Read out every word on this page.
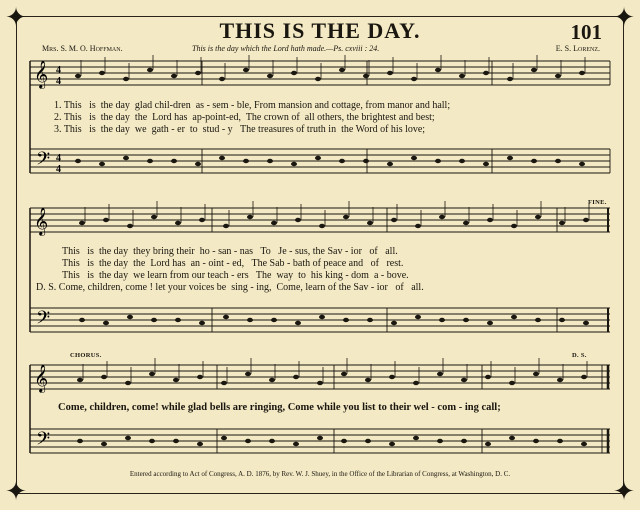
✦	✦
✦	✦
THIS IS THE DAY.	101
Mrs. S. M. O. Hoffman.	This is the day which the Lord hath made.—Ps. cxviii : 24.	E. S. Lorenz.
𝄞
𝄢
4
4
4
4
1. This   is  the day  glad chil-dren  as - sem - ble, From mansion and cottage, from manor and hall;
2. This   is  the day  the  Lord has  ap-point-ed,  The crown of  all others, the brightest and best;
3. This   is  the day  we  gath - er  to  stud - y   The treasures of truth in  the Word of his love;
FINE.
𝄞
𝄢
This   is  the day  they bring their  ho - san - nas   To   Je - sus, the Sav - ior   of   all.
This   is  the day  the  Lord has  an - oint - ed,   The Sab - bath of peace and   of   rest.
This   is  the day  we learn from our teach - ers   The  way  to  his king - dom  a - bove.
D. S. Come, children, come ! let your voices be  sing - ing,  Come, learn of the Sav - ior   of   all.
CHORUS.	D. S.
𝄞
𝄢
Come, children, come! while glad bells are ringing, Come while you list to their wel - com - ing call;
Entered according to Act of Congress, A. D. 1876, by Rev. W. J. Shuey, in the Office of the Librarian of Congress, at Washington, D. C.
